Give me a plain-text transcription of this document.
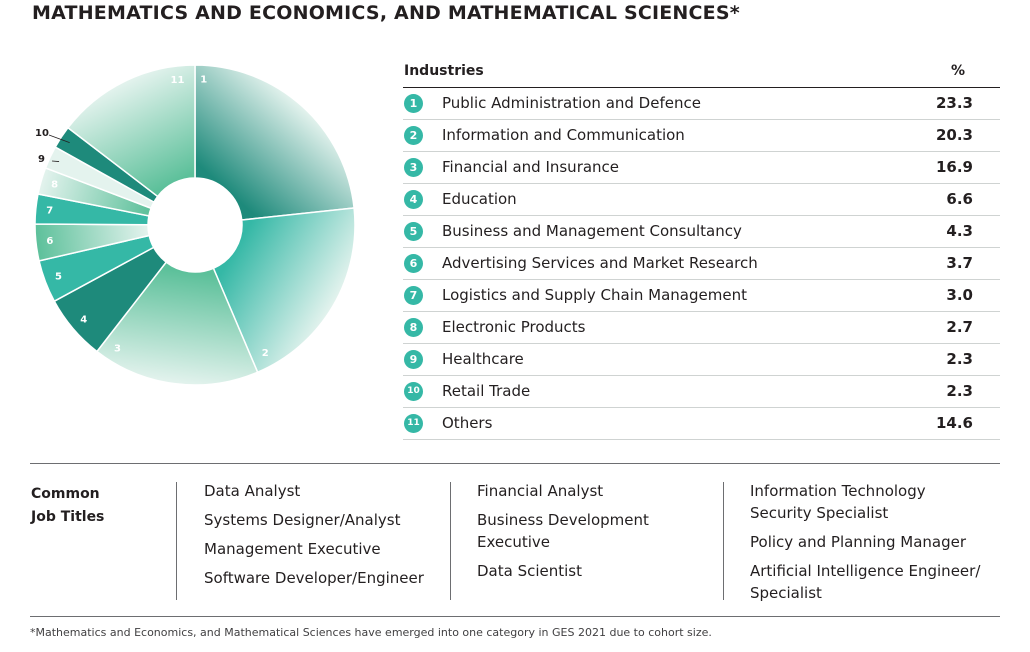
MATHEMATICS AND ECONOMICS, AND MATHEMATICAL SCIENCES*
1
2
3
4
5
6
7
8
9
10
11
Industries	%
1	Public Administration and Defence	23.3
2	Information and Communication	20.3
3	Financial and Insurance	16.9
4	Education	6.6
5	Business and Management Consultancy	4.3
6	Advertising Services and Market Research	3.7
7	Logistics and Supply Chain Management	3.0
8	Electronic Products	2.7
9	Healthcare	2.3
10 Retail Trade	2.3
11 Others	14.6
Common
Job Titles
Data Analyst
Systems Designer/Analyst
Management Executive
Software Developer/Engineer
Financial Analyst
Business Development
Executive
Data Scientist
Information Technology
Security Specialist
Policy and Planning Manager
Artificial Intelligence Engineer/
Specialist
*Mathematics and Economics, and Mathematical Sciences have emerged into one category in GES 2021 due to cohort size.
